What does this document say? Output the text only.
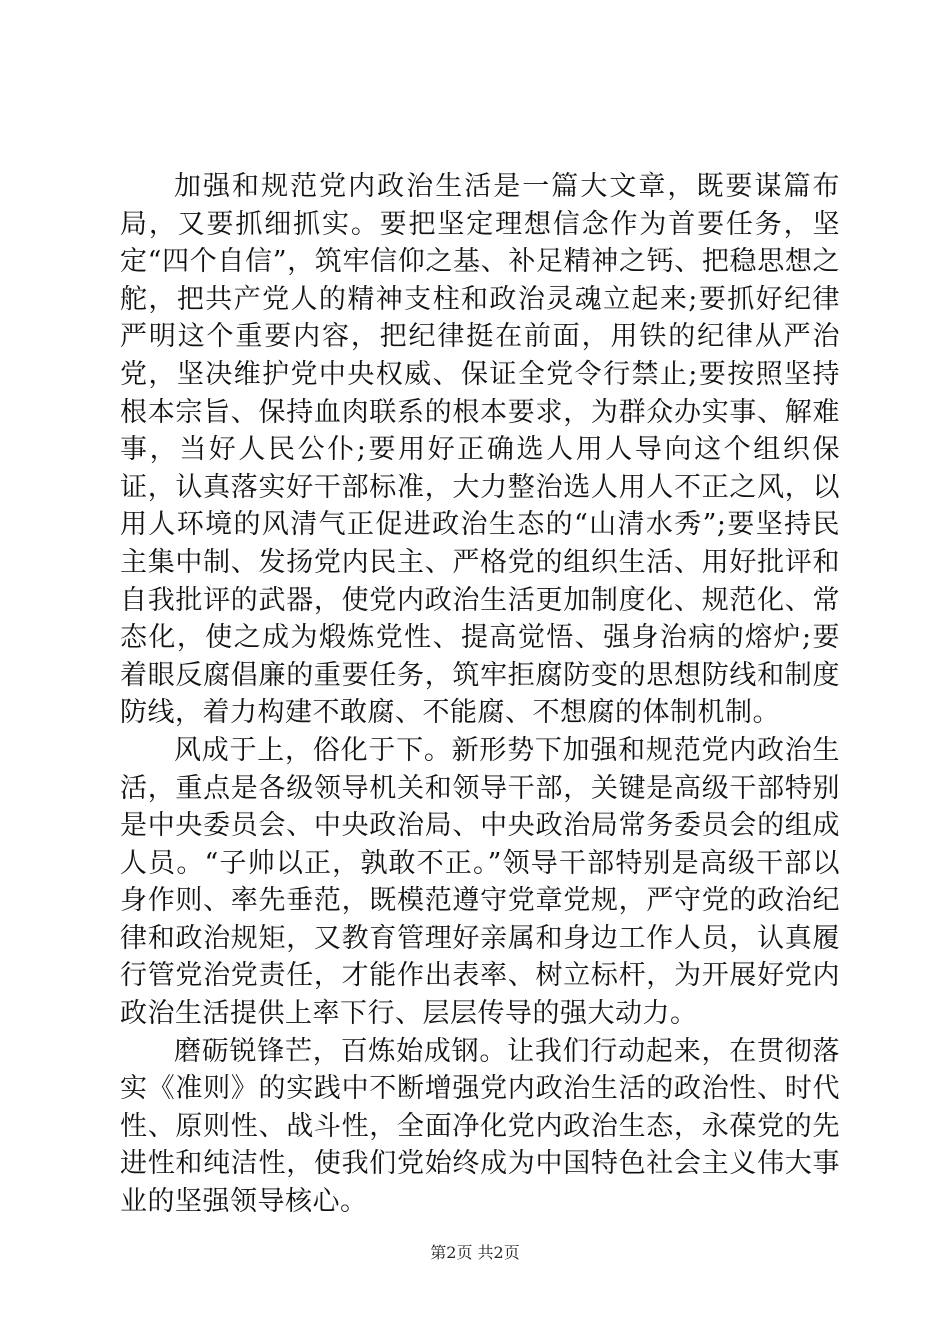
加强和规范党内政治生活是一篇大文章，既要谋篇布局，又要抓细抓实。要把坚定理想信念作为首要任务，坚定“四个自信”，筑牢信仰之基、补足精神之钙、把稳思想之舵，把共产党人的精神支柱和政治灵魂立起来;要抓好纪律严明这个重要内容，把纪律挺在前面，用铁的纪律从严治党，坚决维护党中央权威、保证全党令行禁止;要按照坚持根本宗旨、保持血肉联系的根本要求，为群众办实事、解难事，当好人民公仆;要用好正确选人用人导向这个组织保证，认真落实好干部标准，大力整治选人用人不正之风，以用人环境的风清气正促进政治生态的“山清水秀”;要坚持民主集中制、发扬党内民主、严格党的组织生活、用好批评和自我批评的武器，使党内政治生活更加制度化、规范化、常态化，使之成为煅炼党性、提高觉悟、强身治病的熔炉;要着眼反腐倡廉的重要任务，筑牢拒腐防变的思想防线和制度防线，着力构建不敢腐、不能腐、不想腐的体制机制。

风成于上，俗化于下。新形势下加强和规范党内政治生活，重点是各级领导机关和领导干部，关键是高级干部特别是中央委员会、中央政治局、中央政治局常务委员会的组成人员。“子帅以正，孰敢不正。”领导干部特别是高级干部以身作则、率先垂范，既模范遵守党章党规，严守党的政治纪律和政治规矩，又教育管理好亲属和身边工作人员，认真履行管党治党责任，才能作出表率、树立标杆，为开展好党内政治生活提供上率下行、层层传导的强大动力。

磨砺锐锋芒，百炼始成钢。让我们行动起来，在贯彻落实《准则》的实践中不断增强党内政治生活的政治性、时代性、原则性、战斗性，全面净化党内政治生态，永葆党的先进性和纯洁性，使我们党始终成为中国特色社会主义伟大事业的坚强领导核心。

第2页 共2页
